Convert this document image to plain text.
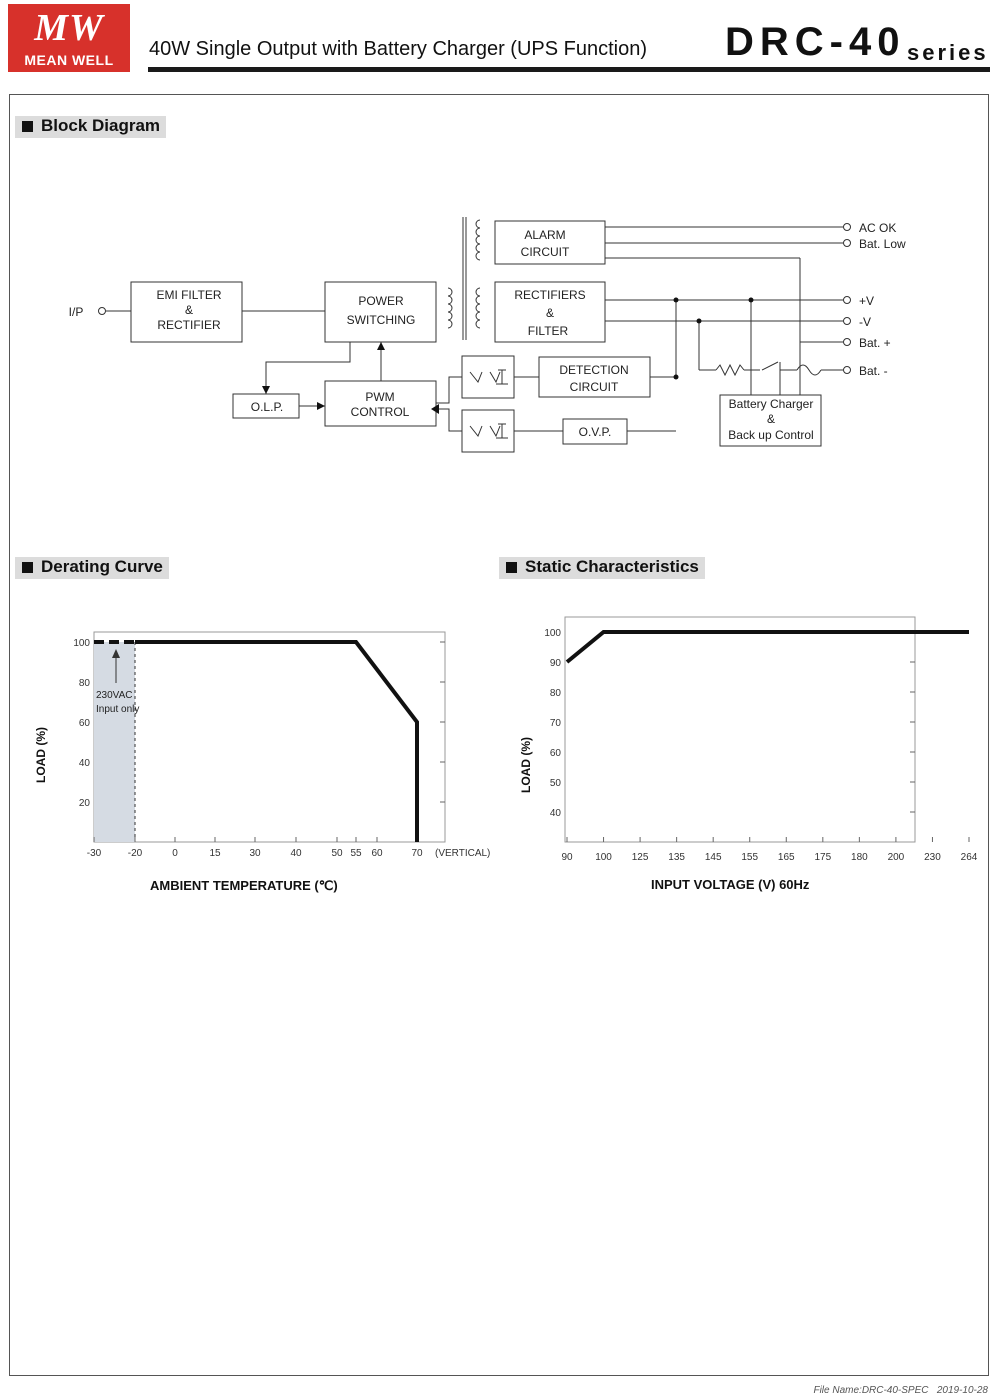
MW
MEAN WELL	40W Single Output with Battery Charger (UPS Function) DRC-40 series
Block Diagram
Derating Curve	Static Characteristics
I/P
EMI FILTER
&
RECTIFIER
POWER
SWITCHING
ALARM
CIRCUIT
RECTIFIERS
&
FILTER
O.L.P.
PWM
CONTROL
DETECTION
CIRCUIT
O.V.P.
Battery Charger
&
Back up Control
AC OK
Bat. Low
+V
-V
Bat. +
Bat. -
230VAC
Input only
20
40
60
80
100
-30	-20	0	15	30	40	50 55 60	70 (VERTICAL)
AMBIENT TEMPERATURE (℃)
LOAD (%)
40
50
60
70
80
90
100
90 100 125 135 145 155 165 175 180 200 230 264
INPUT VOLTAGE (V) 60Hz
LOAD (%)
File Name:DRC-40-SPEC 2019-10-28
